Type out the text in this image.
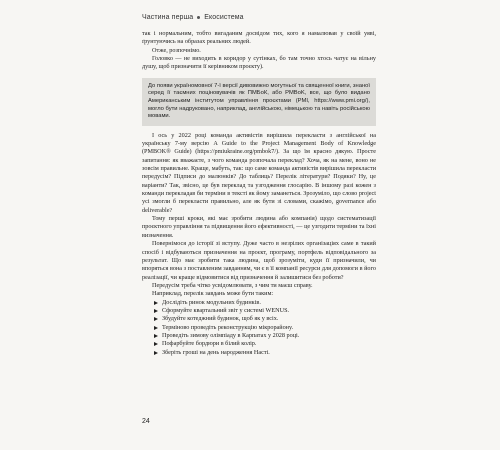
Частина перша Екосистема

так і нормальним, тобто вигаданим досвідом тих, кого я намалював у своїй уяві, ґрунтуючись на образах реальних людей.

Отже, розпочнімо.

Головко — не виходить в коридор у сутінках, бо там точно хтось чатує на вільну душу, щоб призначити її керівником проєкту).

До появи україномовної 7-ї версії дивовижно могутньої та священної книги, знаної серед її таємних поціновувачів як ПМБоК, або PMBoK, все, що було видано Американським інститутом управління проєктами (PMI, https://www.pmi.org/), могло бути надруковано, наприклад, англійською, німецькою та навіть російською мовами.

І ось у 2022 році команда активістів вирішила перекласти з англійської на українську 7-му версію A Guide to the Project Management Body of Knowledge (PMBOK® Guide) (https://pmiukraine.org/pmbok7/). За що їм красно дякую. Просте запитання: як вважаєте, з чого команда розпочала переклад? Хоча, як на мене, воно не зовсім правильне. Краще, мабуть, так: що саме команда активістів вирішила перекласти передусім? Підписи до малюнків? До таблиць? Перелік літератури? Подяки? Ну, це варіанти? Так, звісно, це був переклад та узгодження глосарію. В іншому разі кожен з команди перекладав би терміни в тексті як йому заманеться. Зрозуміло, що слово project усі змогли б перекласти правильно, але як бути зі словами, скажімо, governance або deliverable?

Тому перші кроки, які має зробити людина або компанія) щодо систематизації проєктного управління та підвищення його ефективності, — це узгодити терміни та їхні визначення.

Повернімося до історії зі вступу. Дуже часто в незрілих організаціях саме в такий спосіб і відбуваються призначення на проєкт, програму, портфель відповідального за результат. Що має зробити така людина, щоб зрозуміти, куди її призначили, чи впоряться вона з поставленим завданням, чи є в її компанії ресурси для допомоги в його реалізації, чи краще відмовитися від призначення й залишитися без роботи?

Передусім треба чітко усвідомлювати, з чим ти маєш справу.

Наприклад, перелік завдань може бути таким:

Дослідіть ринок модульних будинків.
Сформуйте квартальний звіт у системі WENUS.
Збудуйте котеджний будинок, щоб як у всіх.
Терміново проведіть реконструкцію мікрорайону.
Проведіть зимову олімпіаду в Карпатах у 2028 році.
Пофарбуйте бордюри в білий колір.
Зберіть гроші на день народження Насті.
24
